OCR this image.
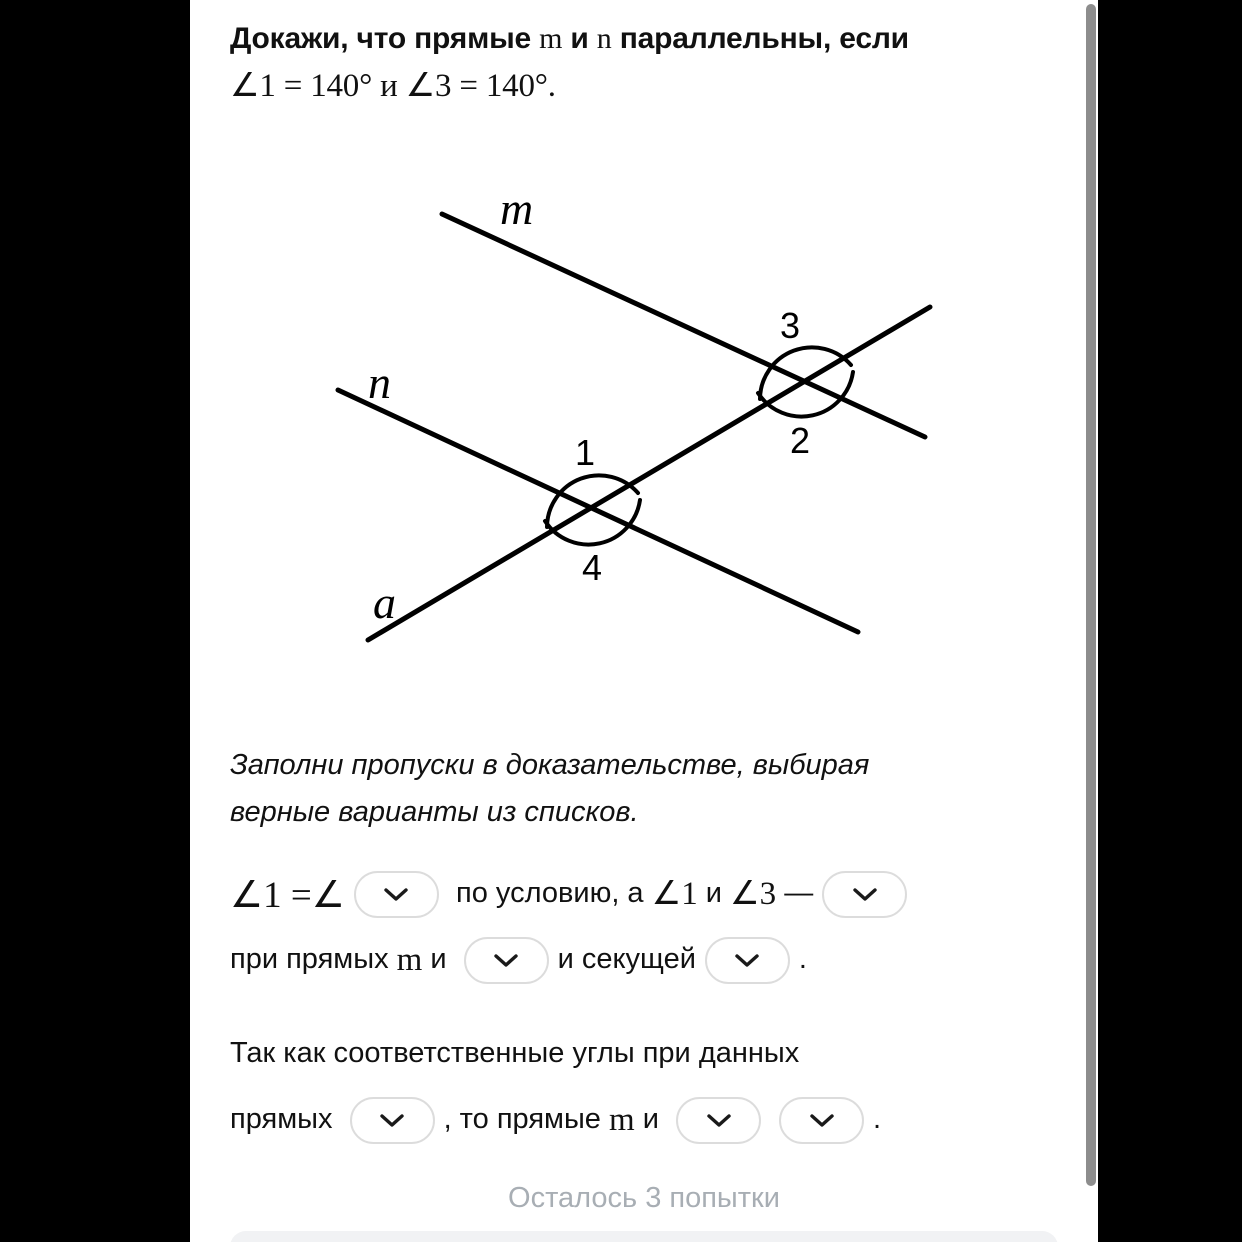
Докажи, что прямые m и n параллельны, если
∠1 = 140° и ∠3 = 140°.
m
n
a
3
2
1
4
Заполни пропуски в доказательстве, выбирая
верные варианты из списков.
∠1 =∠	по условию, а ∠1 и ∠3 —
при прямых m и	и секущей	.
Так как соответственные углы при данных
прямых	, то прямые m и	.
Осталось 3 попытки
